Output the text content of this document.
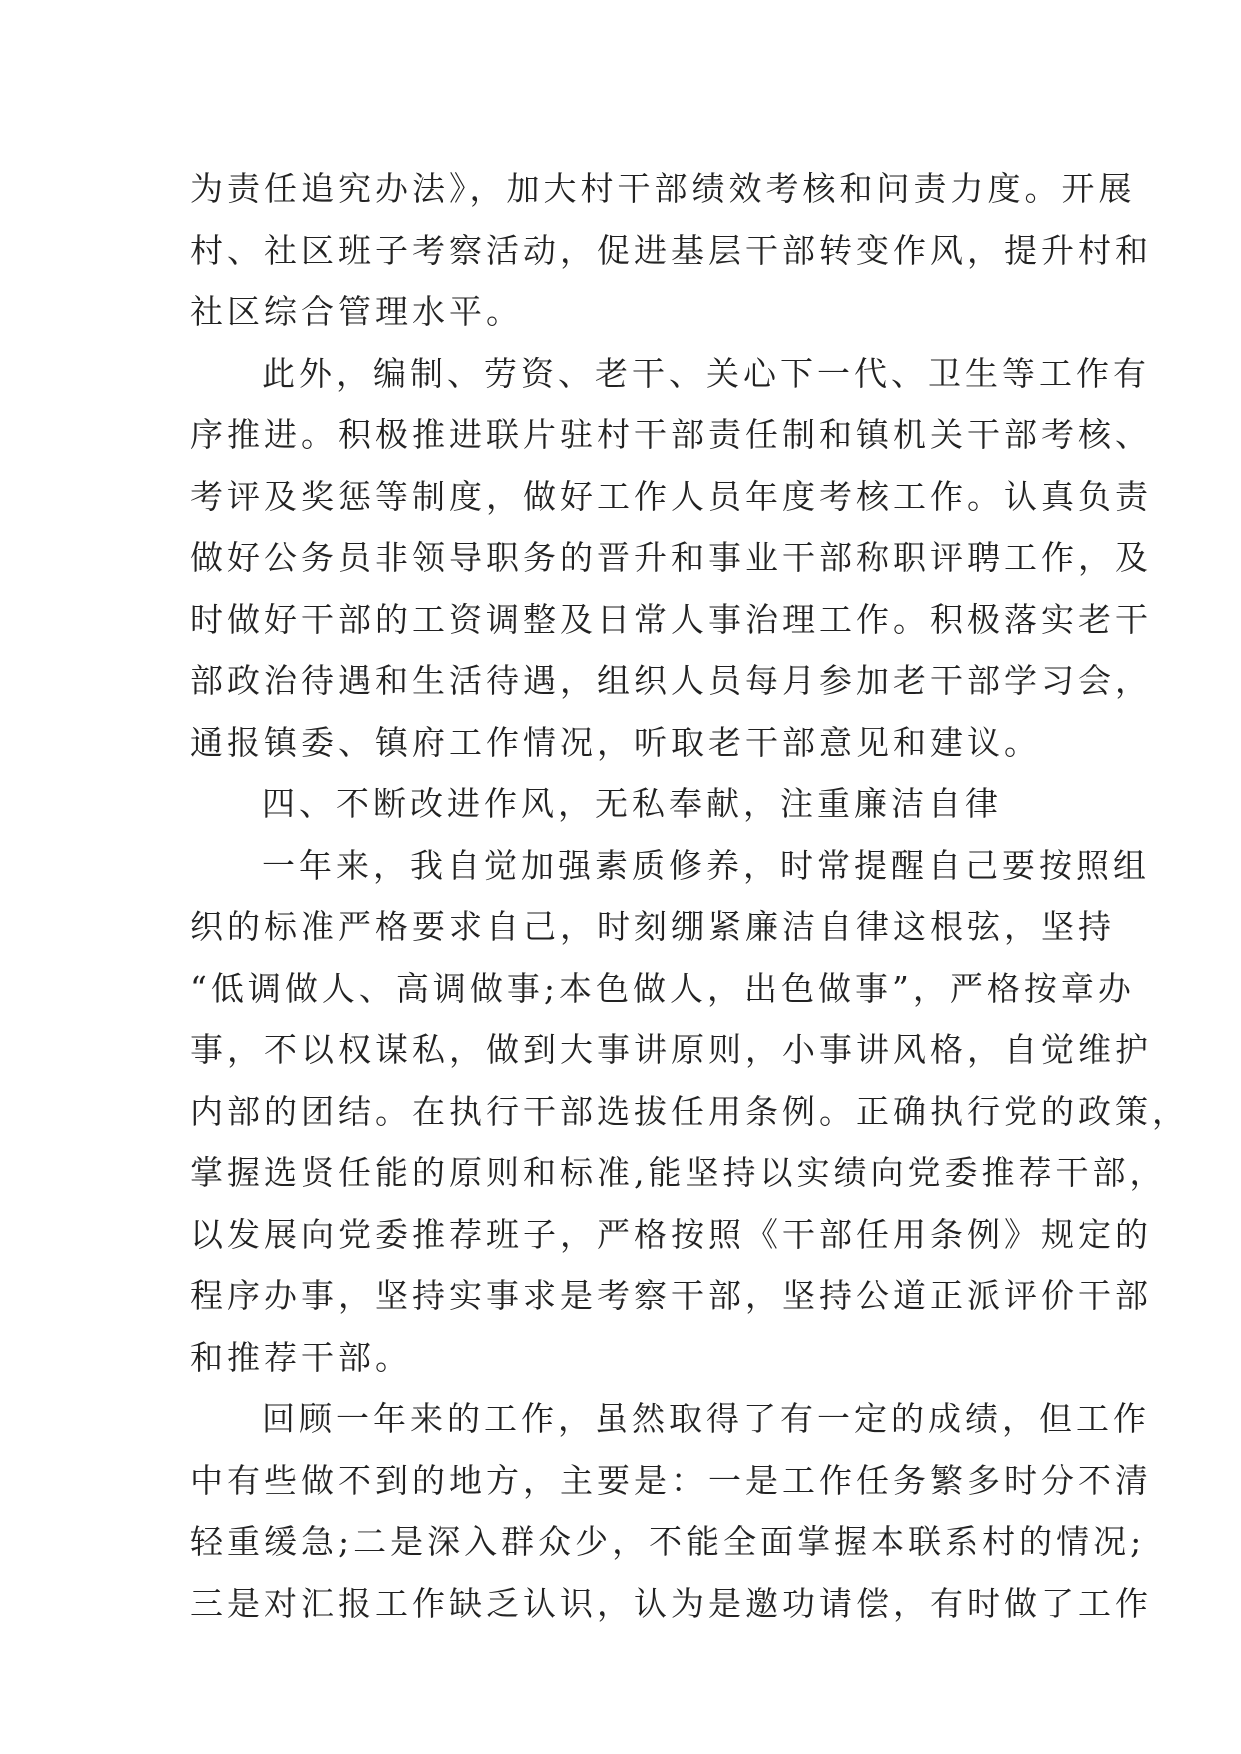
为责任追究办法》，加大村干部绩效考核和问责力度。开展
村、社区班子考察活动，促进基层干部转变作风，提升村和
社区综合管理水平。
此外，编制、劳资、老干、关心下一代、卫生等工作有
序推进。积极推进联片驻村干部责任制和镇机关干部考核、
考评及奖惩等制度，做好工作人员年度考核工作。认真负责
做好公务员非领导职务的晋升和事业干部称职评聘工作，及
时做好干部的工资调整及日常人事治理工作。积极落实老干
部政治待遇和生活待遇，组织人员每月参加老干部学习会，
通报镇委、镇府工作情况，听取老干部意见和建议。
四、不断改进作风，无私奉献，注重廉洁自律
一年来，我自觉加强素质修养，时常提醒自己要按照组
织的标准严格要求自己，时刻绷紧廉洁自律这根弦，坚持
“低调做人、高调做事;本色做人，出色做事”，严格按章办
事，不以权谋私，做到大事讲原则，小事讲风格，自觉维护
内部的团结。在执行干部选拔任用条例。正确执行党的政策，
掌握选贤任能的原则和标准,能坚持以实绩向党委推荐干部，
以发展向党委推荐班子，严格按照《干部任用条例》规定的
程序办事，坚持实事求是考察干部，坚持公道正派评价干部
和推荐干部。
回顾一年来的工作，虽然取得了有一定的成绩，但工作
中有些做不到的地方，主要是：一是工作任务繁多时分不清
轻重缓急;二是深入群众少，不能全面掌握本联系村的情况;
三是对汇报工作缺乏认识，认为是邀功请偿，有时做了工作
